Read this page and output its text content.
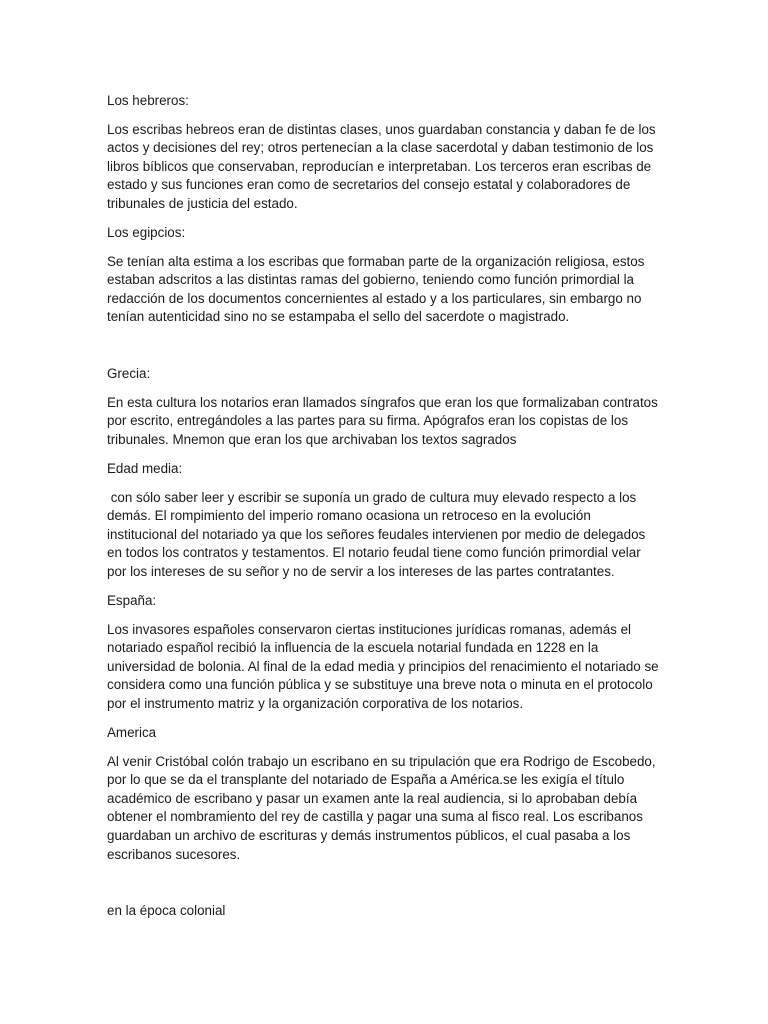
Los hebreros:

Los escribas hebreos eran de distintas clases, unos guardaban constancia y daban fe de los actos y decisiones del rey; otros pertenecían a la clase sacerdotal y daban testimonio de los libros bíblicos que conservaban, reproducían e interpretaban. Los terceros eran escribas de estado y sus funciones eran como de secretarios del consejo estatal y colaboradores de tribunales de justicia del estado.

Los egipcios:

Se tenían alta estima a los escribas que formaban parte de la organización religiosa, estos estaban adscritos a las distintas ramas del gobierno, teniendo como función primordial la redacción de los documentos concernientes al estado y a los particulares, sin embargo no tenían autenticidad sino no se estampaba el sello del sacerdote o magistrado.

Grecia:

En esta cultura los notarios eran llamados síngrafos que eran los que formalizaban contratos por escrito, entregándoles a las partes para su firma. Apógrafos eran los copistas de los tribunales. Mnemon que eran los que archivaban los textos sagrados

Edad media:

con sólo saber leer y escribir se suponía un grado de cultura muy elevado respecto a los demás. El rompimiento del imperio romano ocasiona un retroceso en la evolución institucional del notariado ya que los señores feudales intervienen por medio de delegados en todos los contratos y testamentos. El notario feudal tiene como función primordial velar por los intereses de su señor y no de servir a los intereses de las partes contratantes.

España:

Los invasores españoles conservaron ciertas instituciones jurídicas romanas, además el notariado español recibió la influencia de la escuela notarial fundada en 1228 en la universidad de bolonia. Al final de la edad media y principios del renacimiento el notariado se considera como una función pública y se substituye una breve nota o minuta en el protocolo por el instrumento matriz y la organización corporativa de los notarios.

America

Al venir Cristóbal colón trabajo un escribano en su tripulación que era Rodrigo de Escobedo, por lo que se da el transplante del notariado de España a América.se les exigía el título académico de escribano y pasar un examen ante la real audiencia, si lo aprobaban debía obtener el nombramiento del rey de castilla y pagar una suma al fisco real. Los escribanos guardaban un archivo de escrituras y demás instrumentos públicos, el cual pasaba a los escribanos sucesores.

en la época colonial
